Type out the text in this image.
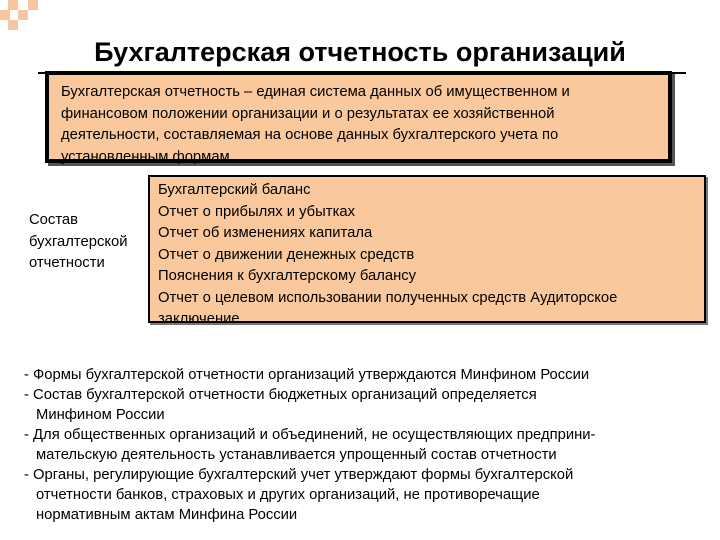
Бухгалтерская отчетность организаций
Бухгалтерская отчетность – единая система данных об имущественном и
финансовом положении организации и о результатах ее хозяйственной
деятельности, составляемая на основе данных бухгалтерского учета по
установленным формам
Состав
бухгалтерской
отчетности
Бухгалтерский баланс
Отчет о прибылях и убытках
Отчет об изменениях капитала
Отчет о движении денежных средств
Пояснения к бухгалтерскому балансу
Отчет о целевом использовании полученных средств Аудиторское
заключение
- Формы бухгалтерской отчетности организаций утверждаются Минфином России
- Состав бухгалтерской отчетности бюджетных организаций определяется
Минфином России
- Для общественных организаций и объединений, не осуществляющих предприни-
мательскую деятельность устанавливается упрощенный состав отчетности
- Органы, регулирующие бухгалтерский учет утверждают формы бухгалтерской
отчетности банков, страховых и других организаций, не противоречащие
нормативным актам Минфина России
